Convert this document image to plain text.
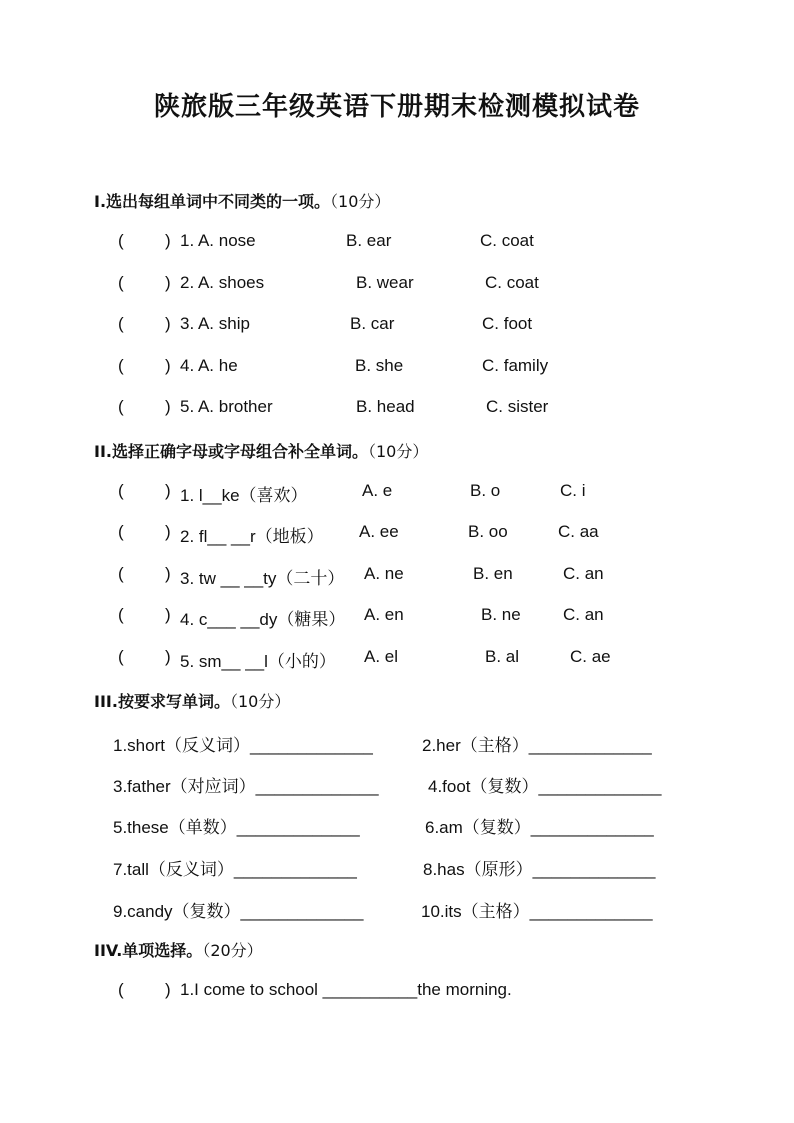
陕旅版三年级英语下册期末检测模拟试卷
I.选出每组单词中不同类的一项。（10分）
( ) 1. A. nose	B. ear	C. coat
( ) 2. A. shoes	B. wear	C. coat
( ) 3. A. ship	B. car	C. foot
( ) 4. A. he	B. she	C. family
( ) 5. A. brother	B. head	C. sister
II.选择正确字母或字母组合补全单词。（10分）
( ) 1. l__ke（喜欢）	A. e	B. o	C. i
( ) 2. fl__ __r（地板） A. ee	B. oo	C. aa
( ) 3. tw __ __ty（二十） A. ne	B. en	C. an
( ) 4. c___ __dy（糖果） A. en	B. ne C. an
( ) 5. sm__ __l（小的） A. el	B. al	C. ae
III.按要求写单词。（10分）
1.short（反义词）_____________	2.her（主格）_____________
3.father（对应词）_____________	4.foot（复数）_____________
5.these（单数）_____________	6.am（复数）_____________
7.tall（反义词）_____________	8.has（原形）_____________
9.candy（复数）_____________	10.its（主格）_____________
IIV.单项选择。（20分）
( ) 1.I come to school __________the morning.
